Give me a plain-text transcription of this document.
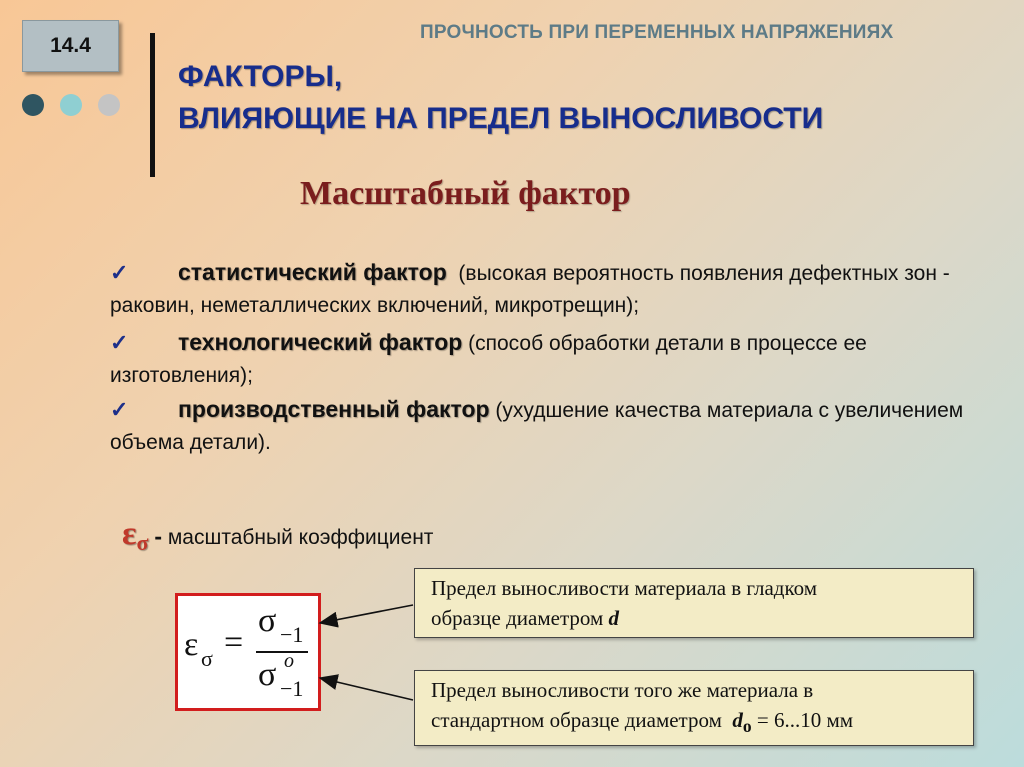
14.4
ПРОЧНОСТЬ ПРИ ПЕРЕМЕННЫХ НАПРЯЖЕНИЯХ
ФАКТОРЫ,
ВЛИЯЮЩИЕ НА ПРЕДЕЛ ВЫНОСЛИВОСТИ
Масштабный фактор
✓ статистический фактор (высокая вероятность появления дефектных зон - раковин, неметаллических включений, микротрещин);
✓ технологический фактор (способ обработки детали в процессе ее изготовления);
✓ производственный фактор (ухудшение качества материала с увеличением объема детали).
εσ - масштабный коэффициент
ε σ =
σ −1
σ o
−1
Предел выносливости материала в гладком
образце диаметром d
Предел выносливости того же материала в
стандартном образце диаметром $d_o = 6...10$ мм
